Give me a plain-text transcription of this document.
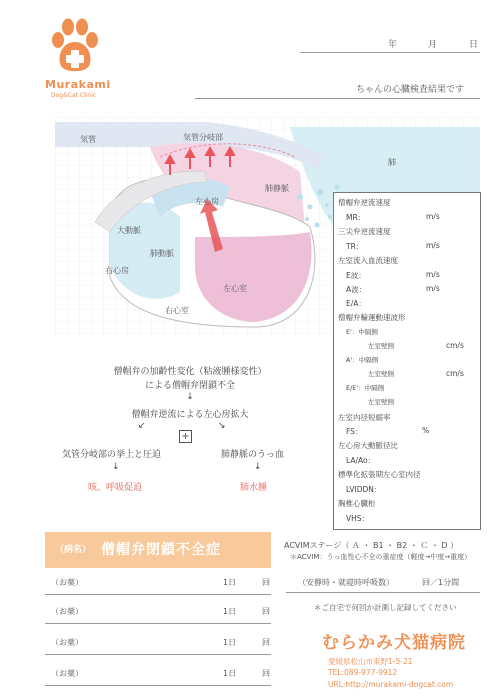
Murakami
Dog&Cat Clinic
年	月	日
ちゃんの心臓検査結果です
気管	気管分岐部
肺
肺静脈
左心房
大動脈
肺動脈
右心房
左心室
右心室
僧帽弁の加齢性変化（粘液腫様変性）
による僧帽弁閉鎖不全
↓
僧帽弁逆流による左心房拡大
↙	↘
+
気管分岐部の挙上と圧迫	肺静脈のうっ血
↓	↓
咳、呼吸促迫	肺水腫
僧帽弁逆流速度
MR：	m/s
三尖弁逆流速度
TR：	m/s
左室流入血流速度
E波：	m/s
A波：	m/s
E/A：
僧帽弁輪運動速波形
E'：中隔側
左室壁側	cm/s
A'：中隔側
左室壁側	cm/s
E/E'：中隔側
左室壁側
左室内径短縮率
FS：	%
左心房大動脈径比
LA/Ao：
標準化拡張期左心室内径
LVIDDN：
胸椎心臓桁
VHS：
（病名） 僧帽弁閉鎖不全症	ACVIMステージ（ Ａ ・ B1 ・ B2 ・ Ｃ ・ D ）
＊ACVIM：うっ血性心不全の重症度（軽度→中度→重度）
（お薬）	1日	回
（お薬）	1日	回
（お薬）	1日	回
（お薬）	1日	回
（安静時・就寝時呼吸数）	回／1分間
＊ご自宅で何回か計測し記録してください
むらかみ犬猫病院
愛媛県松山市東野1-5-21
TEL:089-977-9912
URL:http://murakami-dogcat.com
